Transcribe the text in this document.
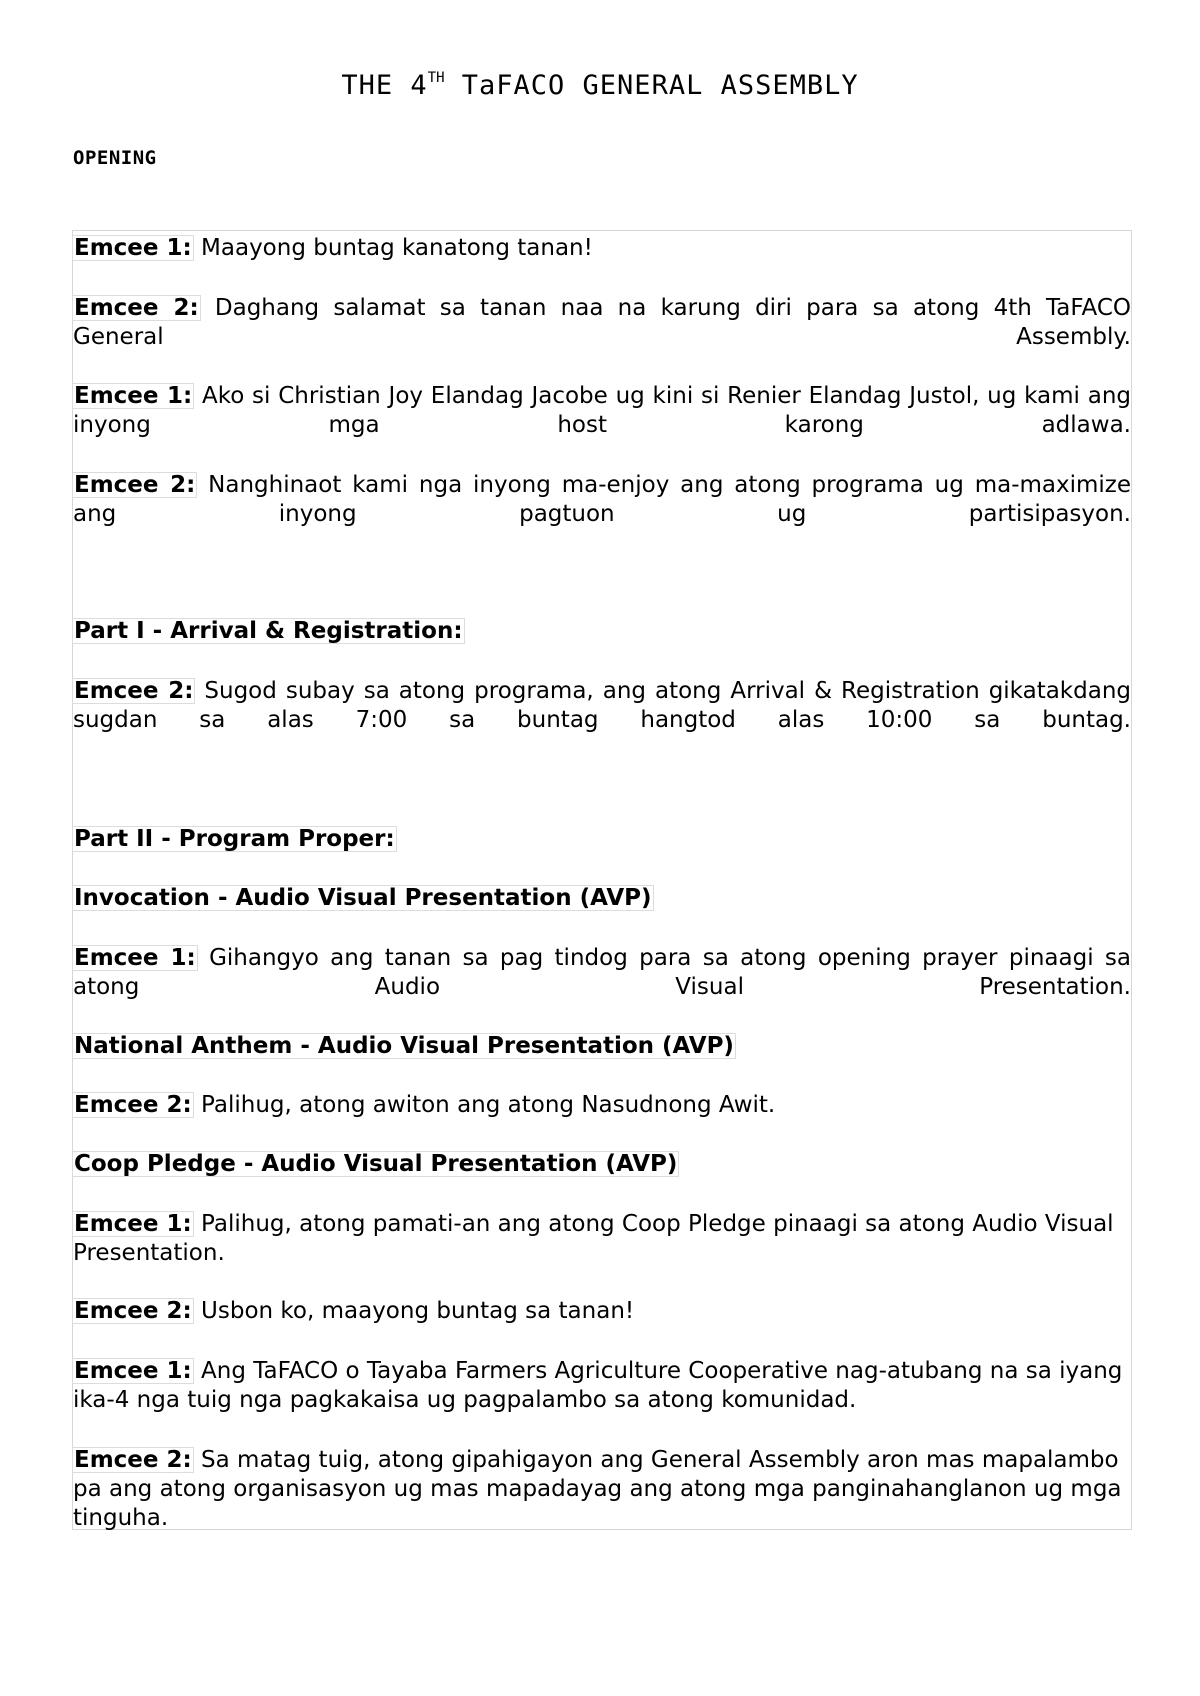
THE 4TH TaFACO GENERAL ASSEMBLY
OPENING

Emcee 1: Maayong buntag kanatong tanan!

Emcee 2: Daghang salamat sa tanan naa na karung diri para sa atong 4th TaFACO General Assembly.

Emcee 1: Ako si Christian Joy Elandag Jacobe ug kini si Renier Elandag Justol, ug kami ang inyong mga host karong adlawa.

Emcee 2: Nanghinaot kami nga inyong ma-enjoy ang atong programa ug ma-maximize ang inyong pagtuon ug partisipasyon.

Part I - Arrival & Registration:

Emcee 2: Sugod subay sa atong programa, ang atong Arrival & Registration gikatakdang sugdan sa alas 7:00 sa buntag hangtod alas 10:00 sa buntag.

Part II - Program Proper:

Invocation - Audio Visual Presentation (AVP)

Emcee 1: Gihangyo ang tanan sa pag tindog para sa atong opening prayer pinaagi sa atong Audio Visual Presentation.

National Anthem - Audio Visual Presentation (AVP)

Emcee 2: Palihug, atong awiton ang atong Nasudnong Awit.

Coop Pledge - Audio Visual Presentation (AVP)

Emcee 1: Palihug, atong pamati-an ang atong Coop Pledge pinaagi sa atong Audio Visual Presentation.

Emcee 2: Usbon ko, maayong buntag sa tanan!

Emcee 1: Ang TaFACO o Tayaba Farmers Agriculture Cooperative nag-atubang na sa iyang ika-4 nga tuig nga pagkakaisa ug pagpalambo sa atong komunidad.

Emcee 2: Sa matag tuig, atong gipahigayon ang General Assembly aron mas mapalambo pa ang atong organisasyon ug mas mapadayag ang atong mga panginahanglanon ug mga tinguha.
